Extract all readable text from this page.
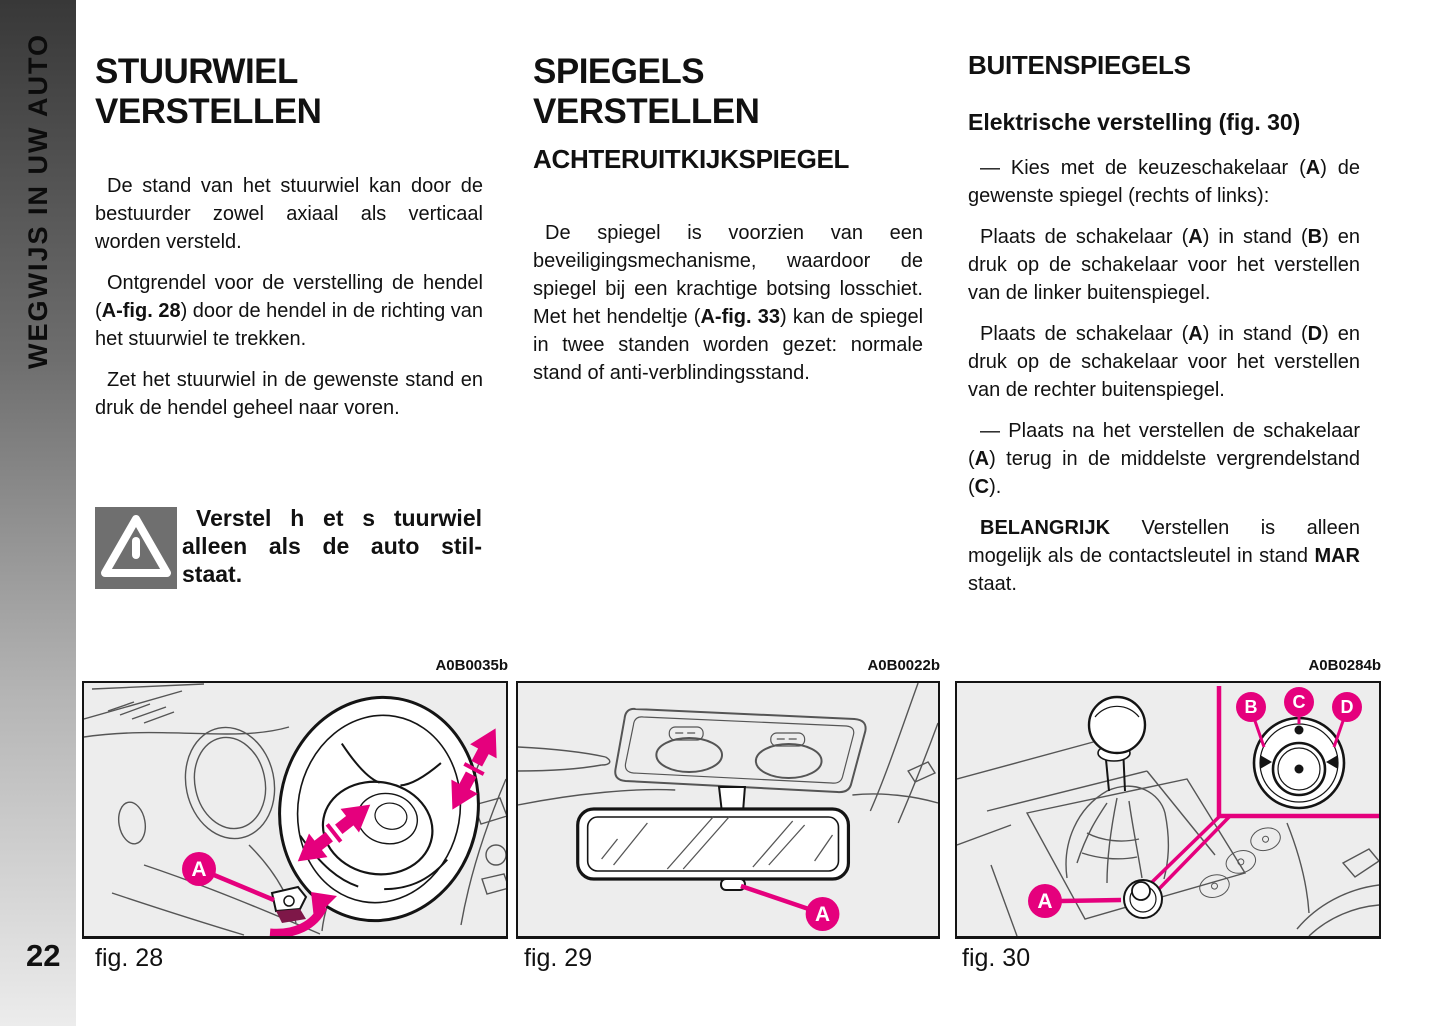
WEGWIJS IN UW AUTO STUURWIEL
VERSTELLEN

De stand van het stuurwiel kan door de bestuurder zowel axiaal als verticaal worden versteld.

Ontgrendel voor de verstelling de hendel (A-fig. 28) door de hendel in de richting van het stuurwiel te trekken.

Zet het stuurwiel in de gewenste stand en druk de hendel geheel naar voren.

Verstel h et s tuurwiel
alleen als de auto stil-
staat.
SPIEGELS VERSTELLEN
ACHTERUITKIJKSPIEGEL

De spiegel is voorzien van een beveiligingsmechanisme, waardoor de spiegel bij een krachtige botsing losschiet. Met het hendeltje (A-fig. 33) kan de spiegel in twee standen worden gezet: normale stand of anti-verblindingsstand.

BUITENSPIEGELS
Elektrische verstelling (fig. 30)

— Kies met de keuzeschakelaar (A) de gewenste spiegel (rechts of links):

Plaats de schakelaar (A) in stand (B) en druk op de schakelaar voor het verstellen van de linker buitenspiegel.

Plaats de schakelaar (A) in stand (D) en druk op de schakelaar voor het verstellen van de rechter buitenspiegel.

— Plaats na het verstellen de schakelaar (A) terug in de middelste vergrendelstand (C).

BELANGRIJK Verstellen is alleen mogelijk als de contactsleutel in stand MAR staat.

A0B0035b	A0B0022b	A0B0284b
A
A
B C D
A
fig. 28	fig. 29	fig. 30
22
